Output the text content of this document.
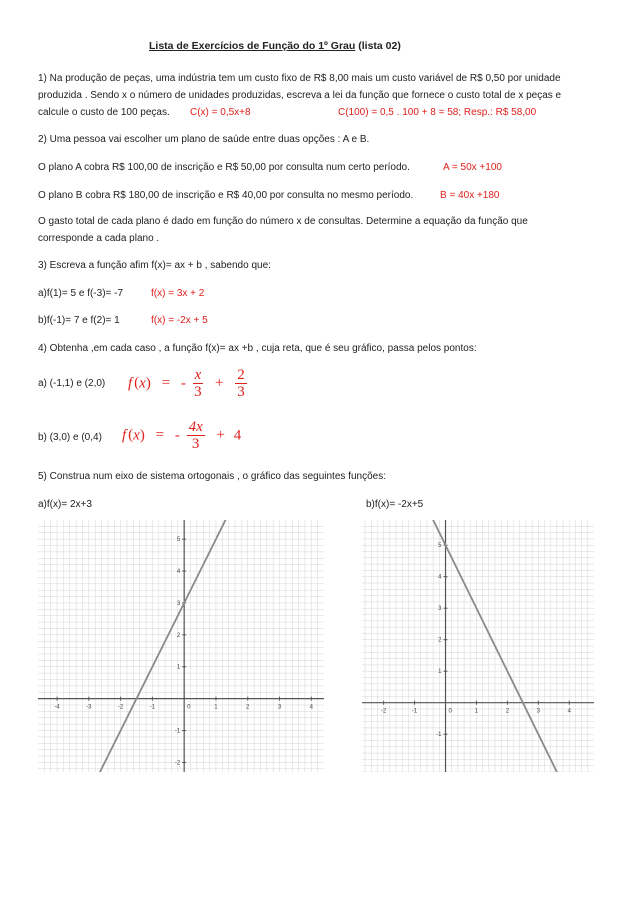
Lista de Exercícios de Função do 1º Grau (lista 02)
1) Na produção de peças, uma indústria tem um custo fixo de R$ 8,00 mais um custo variável de R$ 0,50 por unidade
produzida . Sendo x o número de unidades produzidas, escreva a lei da função que fornece o custo total de x peças e
calcule o custo de 100 peças. C(x) = 0,5x+8	C(100) = 0,5 . 100 + 8 = 58; Resp.: R$ 58,00
2) Uma pessoa vai escolher um plano de saúde entre duas opções : A e B.
O plano A cobra R$ 100,00 de inscrição e R$ 50,00 por consulta num certo período.	A = 50x +100
O plano B cobra R$ 180,00 de inscrição e R$ 40,00 por consulta no mesmo período.	B = 40x +180
O gasto total de cada plano é dado em função do número x de consultas. Determine a equação da função que
corresponde a cada plano .
3) Escreva a função afim f(x)= ax + b , sabendo que:
a)f(1)= 5 e f(-3)= -7	f(x) = 3x + 2
b)f(-1)= 7 e f(2)= 1	f(x) = -2x + 5
4) Obtenha ,em cada caso , a função f(x)= ax +b , cuja reta, que é seu gráfico, passa pelos pontos:
a) (-1,1) e (2,0) f (x) = - $\frac{x}{3} + \frac{2}{3}$
b) (3,0) e (0,4) f (x) = - $\frac{4x}{3} + 4$
5) Construa num eixo de sistema ortogonais , o gráfico das seguintes funções:
a)f(x)= 2x+3	b)f(x)= -2x+5
-4	-3	-2	-1	0	1	2	3	4
-2
-1
1
2
3
4
5
-2	-1	0	1	2	3	4
-1
1
2
3
4
5
